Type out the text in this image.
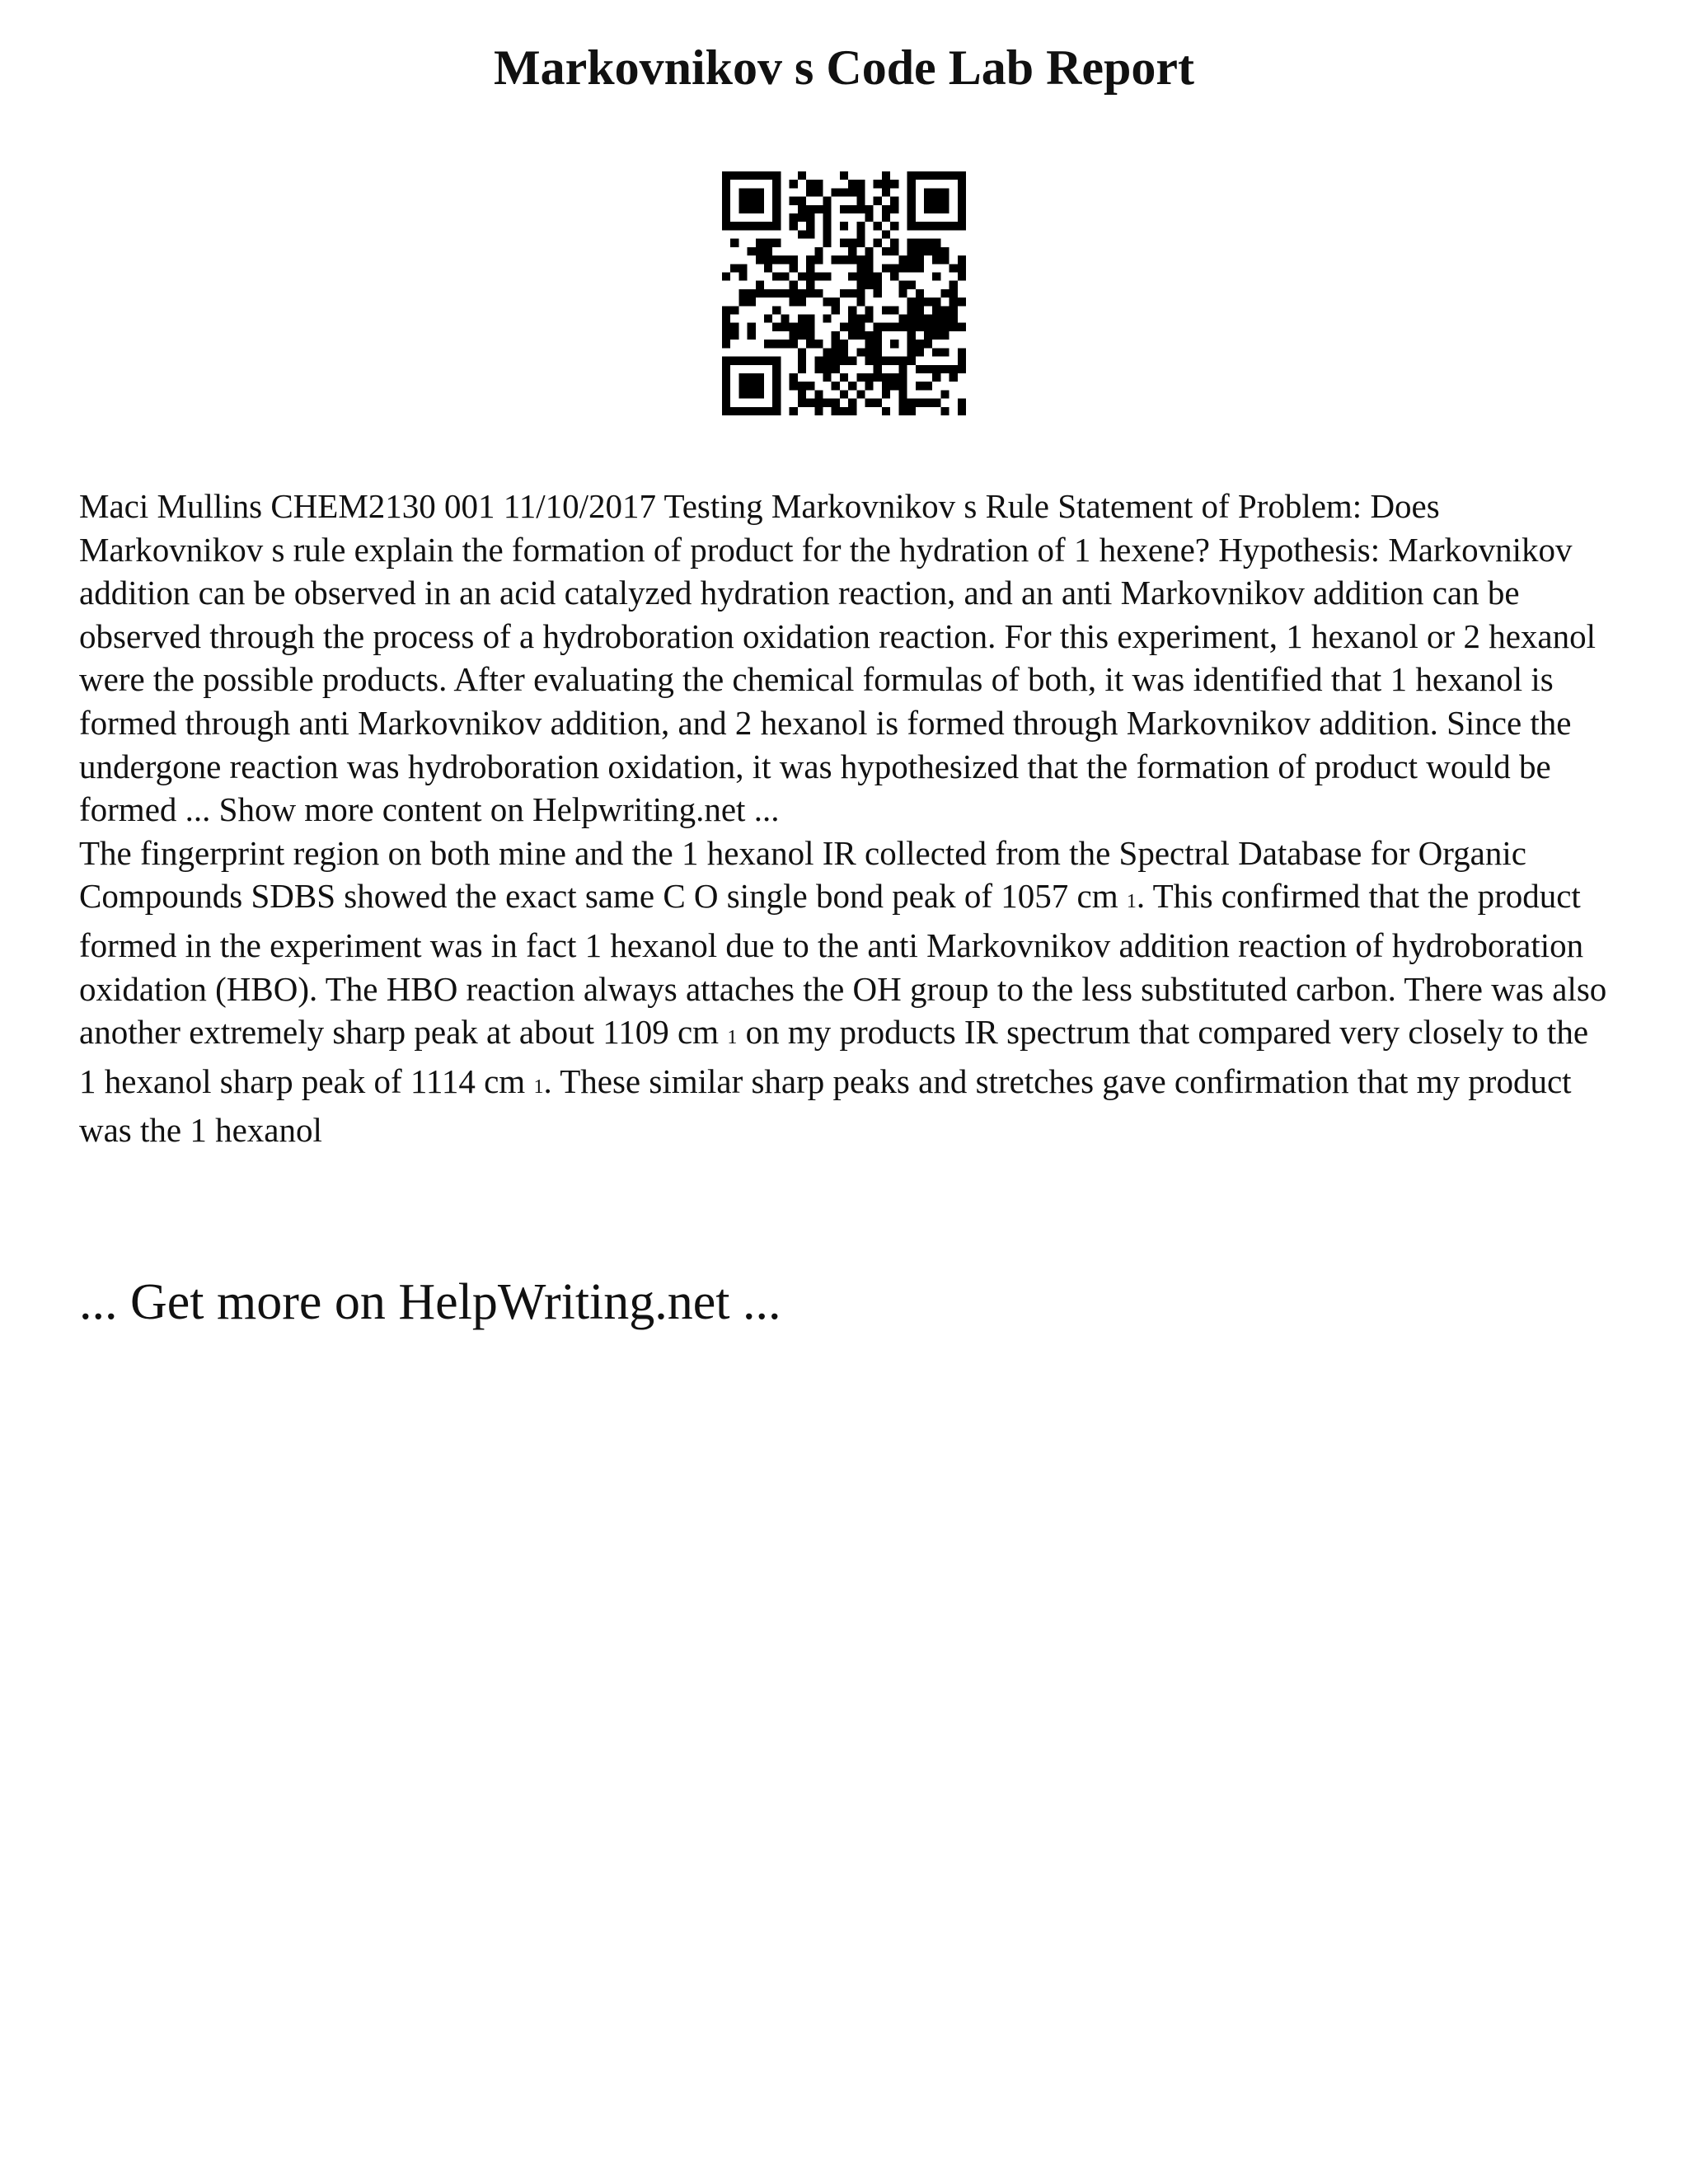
Markovnikov s Code Lab Report

Maci Mullins CHEM2130 001 11/10/2017 Testing Markovnikov s Rule Statement of Problem: Does Markovnikov s rule explain the formation of product for the hydration of 1 hexene? Hypothesis: Markovnikov addition can be observed in an acid catalyzed hydration reaction, and an anti Markovnikov addition can be observed through the process of a hydroboration oxidation reaction. For this experiment, 1 hexanol or 2 hexanol were the possible products. After evaluating the chemical formulas of both, it was identified that 1 hexanol is formed through anti Markovnikov addition, and 2 hexanol is formed through Markovnikov addition. Since the undergone reaction was hydroboration oxidation, it was hypothesized that the formation of product would be formed ... Show more content on Helpwriting.net ...

The fingerprint region on both mine and the 1 hexanol IR collected from the Spectral Database for Organic Compounds SDBS showed the exact same C O single bond peak of 1057 cm 1. This confirmed that the product formed in the experiment was in fact 1 hexanol due to the anti Markovnikov addition reaction of hydroboration oxidation (HBO). The HBO reaction always attaches the OH group to the less substituted carbon. There was also another extremely sharp peak at about 1109 cm 1 on my products IR spectrum that compared very closely to the 1 hexanol sharp peak of 1114 cm 1. These similar sharp peaks and stretches gave confirmation that my product was the 1 hexanol

... Get more on HelpWriting.net ...
